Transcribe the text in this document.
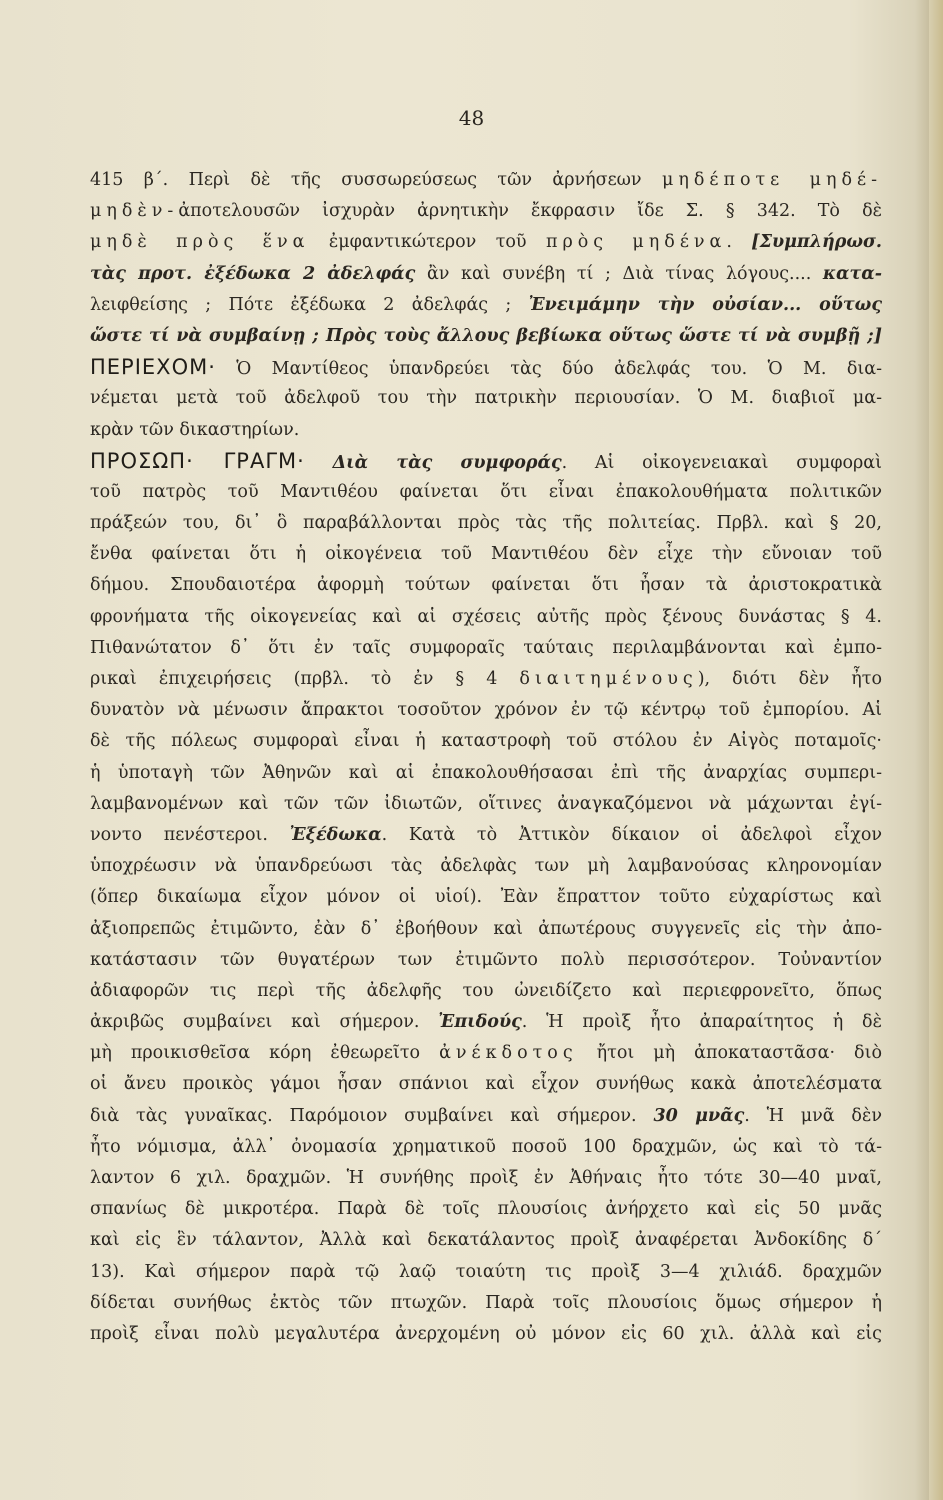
48
415 β΄. Περὶ δὲ τῆς συσσωρεύσεως τῶν ἀρνήσεων μηδέποτε μηδέ-
μηδὲν-ἀποτελουσῶν ἰσχυρὰν ἀρνητικὴν ἔκφρασιν ἴδε Σ. § 342. Τὸ δὲ
μηδὲ πρὸς ἕνα ἐμφαντικώτερον τοῦ πρὸς μηδένα. [Συμπλήρωσ.
τὰς προτ. ἐξέδωκα 2 ἀδελφάς ἂν καὶ συνέβη τί ; Διὰ τίνας λόγους.... κατα-
λειφθείσης ; Πότε ἐξέδωκα 2 ἀδελφάς ; Ἐνειμάμην τὴν οὐσίαν... οὕτως
ὥστε τί νὰ συμβαίνῃ ; Πρὸς τοὺς ἄλλους βεβίωκα οὕτως ὥστε τί νὰ συμβῇ ;]
ΠΕΡΙΕΧΟΜ· Ὁ Μαντίθεος ὑπανδρεύει τὰς δύο ἀδελφάς του. Ὁ Μ. δια-
νέμεται μετὰ τοῦ ἀδελφοῦ του τὴν πατρικὴν περιουσίαν. Ὁ Μ. διαβιοῖ μα-
κρὰν τῶν δικαστηρίων.
ΠΡΟΣΩΠ· ΓΡΑΓΜ· Διὰ τὰς συμφοράς. Αἱ οἰκογενειακαὶ συμφοραὶ
τοῦ πατρὸς τοῦ Μαντιθέου φαίνεται ὅτι εἶναι ἐπακολουθήματα πολιτικῶν
πράξεών του, δι᾽ ὃ παραβάλλονται πρὸς τὰς τῆς πολιτείας. Πρβλ. καὶ § 20,
ἔνθα φαίνεται ὅτι ἡ οἰκογένεια τοῦ Μαντιθέου δὲν εἶχε τὴν εὔνοιαν τοῦ
δήμου. Σπουδαιοτέρα ἀφορμὴ τούτων φαίνεται ὅτι ἦσαν τὰ ἀριστοκρατικὰ
φρονήματα τῆς οἰκογενείας καὶ αἱ σχέσεις αὐτῆς πρὸς ξένους δυνάστας § 4.
Πιθανώτατον δ᾽ ὅτι ἐν ταῖς συμφοραῖς ταύταις περιλαμβάνονται καὶ ἐμπο-
ρικαὶ ἐπιχειρήσεις (πρβλ. τὸ ἐν § 4 διαιτημένους), διότι δὲν ἦτο
δυνατὸν νὰ μένωσιν ἄπρακτοι τοσοῦτον χρόνον ἐν τῷ κέντρῳ τοῦ ἐμπορίου. Αἱ
δὲ τῆς πόλεως συμφοραὶ εἶναι ἡ καταστροφὴ τοῦ στόλου ἐν Αἰγὸς ποταμοῖς·
ἡ ὑποταγὴ τῶν Ἀθηνῶν καὶ αἱ ἐπακολουθήσασαι ἐπὶ τῆς ἀναρχίας συμπερι-
λαμβανομένων καὶ τῶν τῶν ἰδιωτῶν, οἵτινες ἀναγκαζόμενοι νὰ μάχωνται ἐγί-
νοντο πενέστεροι. Ἐξέδωκα. Κατὰ τὸ Ἀττικὸν δίκαιον οἱ ἀδελφοὶ εἶχον
ὑποχρέωσιν νὰ ὑπανδρεύωσι τὰς ἀδελφὰς των μὴ λαμβανούσας κληρονομίαν
(ὅπερ δικαίωμα εἶχον μόνον οἱ υἱοί). Ἐὰν ἔπραττον τοῦτο εὐχαρίστως καὶ
ἀξιοπρεπῶς ἐτιμῶντο, ἐὰν δ᾽ ἐβοήθουν καὶ ἀπωτέρους συγγενεῖς εἰς τὴν ἀπο-
κατάστασιν τῶν θυγατέρων των ἐτιμῶντο πολὺ περισσότερον. Τοὐναντίον
ἀδιαφορῶν τις περὶ τῆς ἀδελφῆς του ὠνειδίζετο καὶ περιεφρονεῖτο, ὅπως
ἀκριβῶς συμβαίνει καὶ σήμερον. Ἐπιδούς. Ἡ προὶξ ἦτο ἀπαραίτητος ἡ δὲ
μὴ προικισθεῖσα κόρη ἐθεωρεῖτο ἀνέκδοτος ἤτοι μὴ ἀποκαταστᾶσα· διὸ
οἱ ἄνευ προικὸς γάμοι ἦσαν σπάνιοι καὶ εἶχον συνήθως κακὰ ἀποτελέσματα
διὰ τὰς γυναῖκας. Παρόμοιον συμβαίνει καὶ σήμερον. 30 μνᾶς. Ἡ μνᾶ δὲν
ἦτο νόμισμα, ἀλλ᾽ ὀνομασία χρηματικοῦ ποσοῦ 100 δραχμῶν, ὡς καὶ τὸ τά-
λαντον 6 χιλ. δραχμῶν. Ἡ συνήθης προὶξ ἐν Ἀθήναις ἦτο τότε 30—40 μναῖ,
σπανίως δὲ μικροτέρα. Παρὰ δὲ τοῖς πλουσίοις ἀνήρχετο καὶ εἰς 50 μνᾶς
καὶ εἰς ἓν τάλαντον, Ἀλλὰ καὶ δεκατάλαντος προὶξ ἀναφέρεται Ἀνδοκίδης δ΄
13). Καὶ σήμερον παρὰ τῷ λαῷ τοιαύτη τις προὶξ 3—4 χιλιάδ. δραχμῶν
δίδεται συνήθως ἐκτὸς τῶν πτωχῶν. Παρὰ τοῖς πλουσίοις ὅμως σήμερον ἡ
προὶξ εἶναι πολὺ μεγαλυτέρα ἀνερχομένη οὐ μόνον εἰς 60 χιλ. ἀλλὰ καὶ εἰς
